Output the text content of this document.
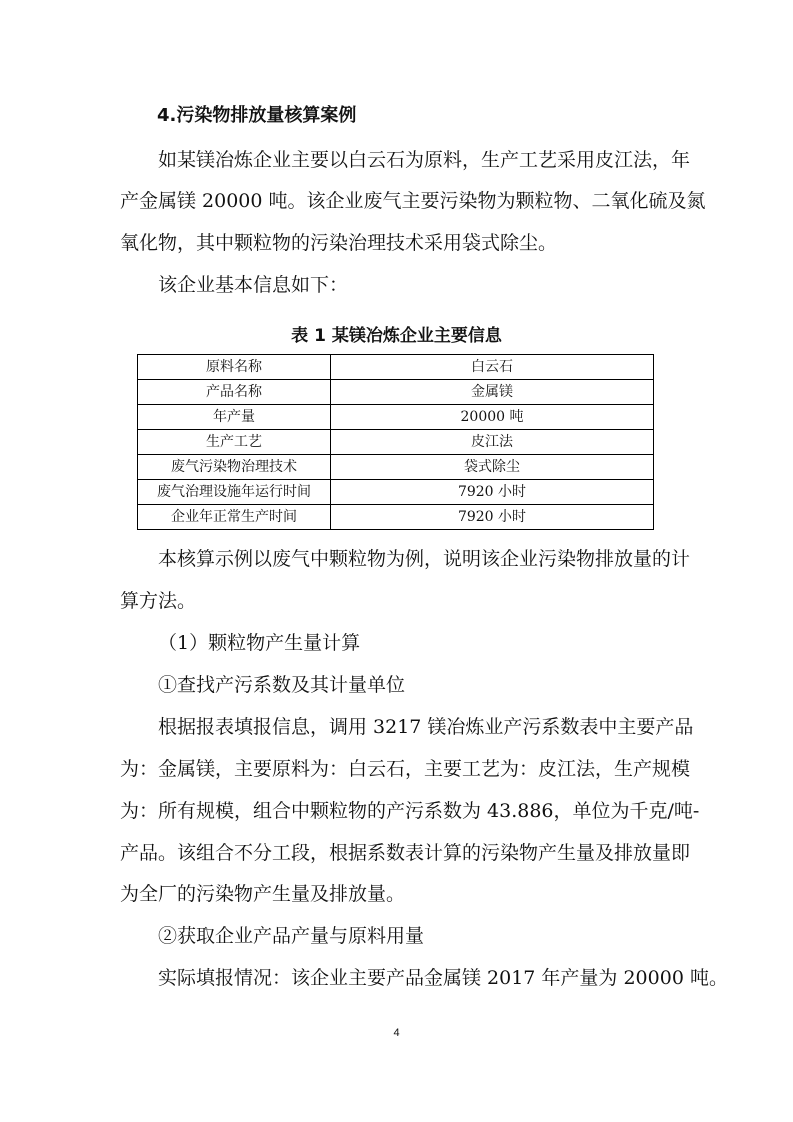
4.污染物排放量核算案例
如某镁冶炼企业主要以白云石为原料，生产工艺采用皮江法，年
产金属镁 20000 吨。该企业废气主要污染物为颗粒物、二氧化硫及氮
氧化物，其中颗粒物的污染治理技术采用袋式除尘。
该企业基本信息如下：
表 1 某镁冶炼企业主要信息
原料名称	白云石
产品名称	金属镁
年产量	20000 吨
生产工艺	皮江法
废气污染物治理技术	袋式除尘
废气治理设施年运行时间	7920 小时
企业年正常生产时间	7920 小时
本核算示例以废气中颗粒物为例，说明该企业污染物排放量的计
算方法。
（1）颗粒物产生量计算
①查找产污系数及其计量单位
根据报表填报信息，调用 3217 镁冶炼业产污系数表中主要产品
为：金属镁，主要原料为：白云石，主要工艺为：皮江法，生产规模
为：所有规模，组合中颗粒物的产污系数为 43.886，单位为千克/吨-
产品。该组合不分工段，根据系数表计算的污染物产生量及排放量即
为全厂的污染物产生量及排放量。
②获取企业产品产量与原料用量
实际填报情况：该企业主要产品金属镁 2017 年产量为 20000 吨。
4
